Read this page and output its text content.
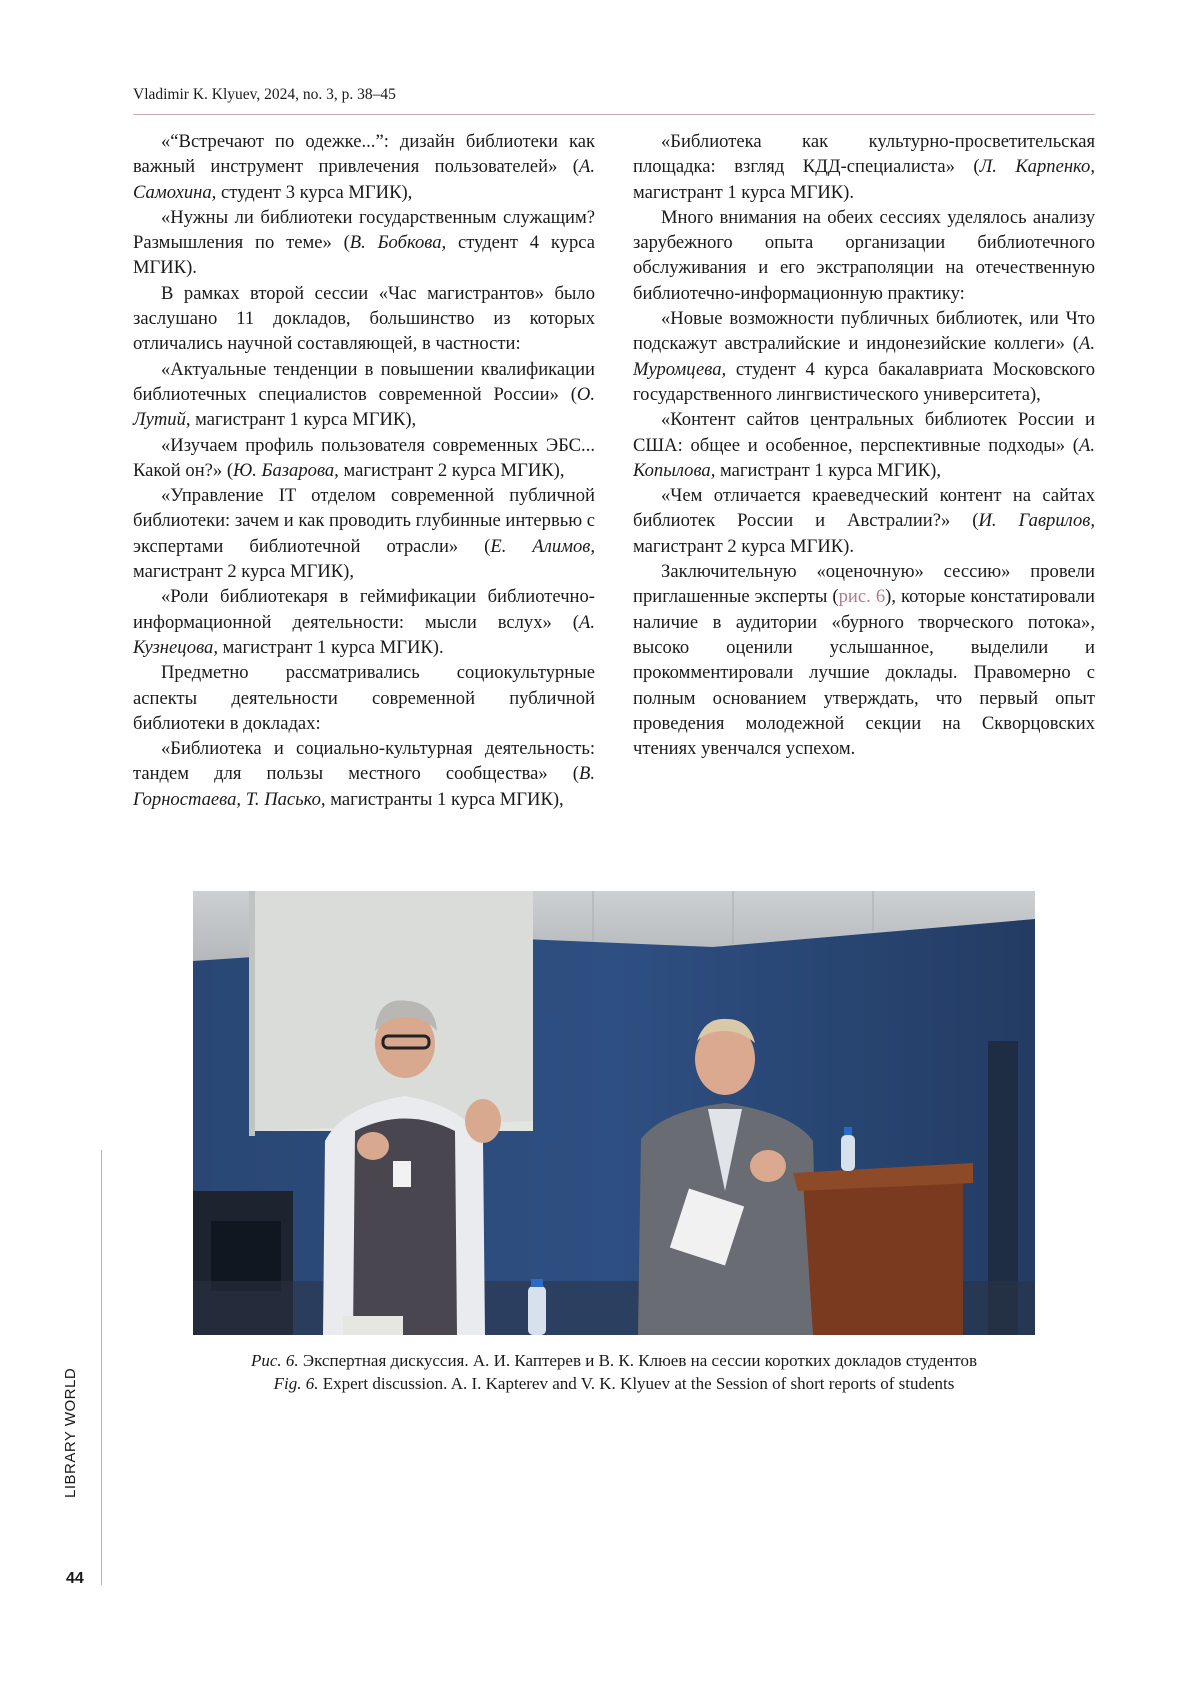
Vladimir K. Klyuev, 2024, no. 3, p. 38–45

«“Встречают по одежке...”: дизайн библиотеки как важный инструмент привлечения пользо­вателей» (А. Самохина, студент 3 курса МГИК),

«Нужны ли библиотеки государственным слу­жащим? Размышления по теме» (В. Бобкова, сту­дент 4 курса МГИК).

В рамках второй сессии «Час магистрантов» было заслушано 11 докладов, большинство из которых отличались научной составляющей, в частности:

«Актуальные тенденции в повышении квали­фикации библиотечных специалистов современ­ной России» (О. Лутий, магистрант 1 курса МГИК),

«Изучаем профиль пользователя современ­ных ЭБС... Какой он?» (Ю. Базарова, магистрант 2 курса МГИК),

«Управление IT отделом современной пуб­личной библиотеки: зачем и как проводить глу­бинные интервью с экспертами библиотечной отрасли» (Е. Алимов, магистрант 2 курса МГИК),

«Роли библиотекаря в геймификации библио­течно-информационной деятельности: мысли вслух» (А. Кузнецова, магистрант 1 курса МГИК).

Предметно рассматривались социокультур­ные аспекты деятельности современной публич­ной библиотеки в докладах:

«Библиотека и социально-культурная дея­тельность: тандем для пользы местного сообще­ства» (В. Горностаева, Т. Пасько, магистранты 1 курса МГИК),

«Библиотека как культурно-просветительская площадка: взгляд КДД-специалиста» (Л. Кар­пенко, магистрант 1 курса МГИК).

Много внимания на обеих сессиях уде­лялось анализу зарубежного опыта органи­зации библиотечного обслуживания и его экстраполяции на отечественную библиотечно-информационную практику:

«Новые возможности публичных библиотек, или Что подскажут австралийские и индонезий­ские коллеги» (А. Муромцева, студент 4 курса бакалавриата Московского государственного лингвистического университета),

«Контент сайтов центральных библиотек Рос­сии и США: общее и особенное, перспектив­ные подходы» (А. Копылова, магистрант 1 курса МГИК),

«Чем отличается краеведческий контент на сайтах библиотек России и Австралии?» (И. Гав­рилов, магистрант 2 курса МГИК).

Заключительную «оценочную» сессию» про­вели приглашенные эксперты (рис. 6), которые констатировали наличие в аудитории «бурного творческого потока», высоко оценили услышан­ное, выделили и прокомментировали лучшие доклады. Правомерно с полным основанием утверждать, что первый опыт проведения моло­дежной секции на Скворцовских чтениях увен­чался успехом.

Рис. 6. Экспертная дискуссия. А. И. Каптерев и В. К. Клюев на сессии коротких докладов студентов
Fig. 6. Expert discussion. A. I. Kapterev and V. K. Klyuev at the Session of short reports of students
LIBRARY WORLD
44
